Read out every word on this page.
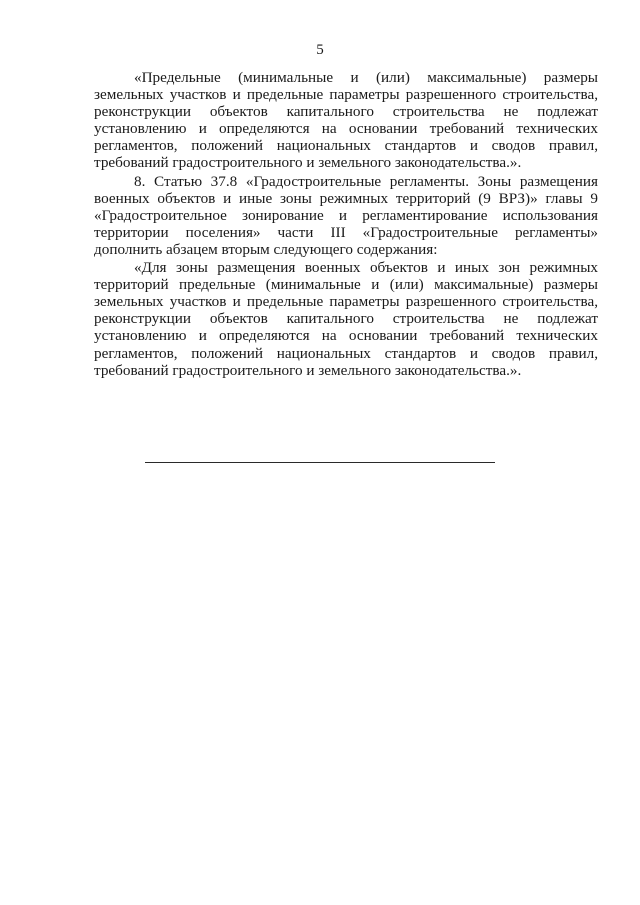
5
«Предельные (минимальные и (или) максимальные) размеры
земельных участков и предельные параметры разрешенного строительства,
реконструкции объектов капитального строительства не подлежат
установлению и определяются на основании требований технических
регламентов, положений национальных стандартов и сводов правил,
требований градостроительного и земельного законодательства.».
8. Статью 37.8 «Градостроительные регламенты. Зоны размещения
военных объектов и иные зоны режимных территорий (9 ВРЗ)» главы 9
«Градостроительное зонирование и регламентирование использования
территории поселения» части III «Градостроительные регламенты»
дополнить абзацем вторым следующего содержания:
«Для зоны размещения военных объектов и иных зон режимных
территорий предельные (минимальные и (или) максимальные) размеры
земельных участков и предельные параметры разрешенного строительства,
реконструкции объектов капитального строительства не подлежат
установлению и определяются на основании требований технических
регламентов, положений национальных стандартов и сводов правил,
требований градостроительного и земельного законодательства.».
